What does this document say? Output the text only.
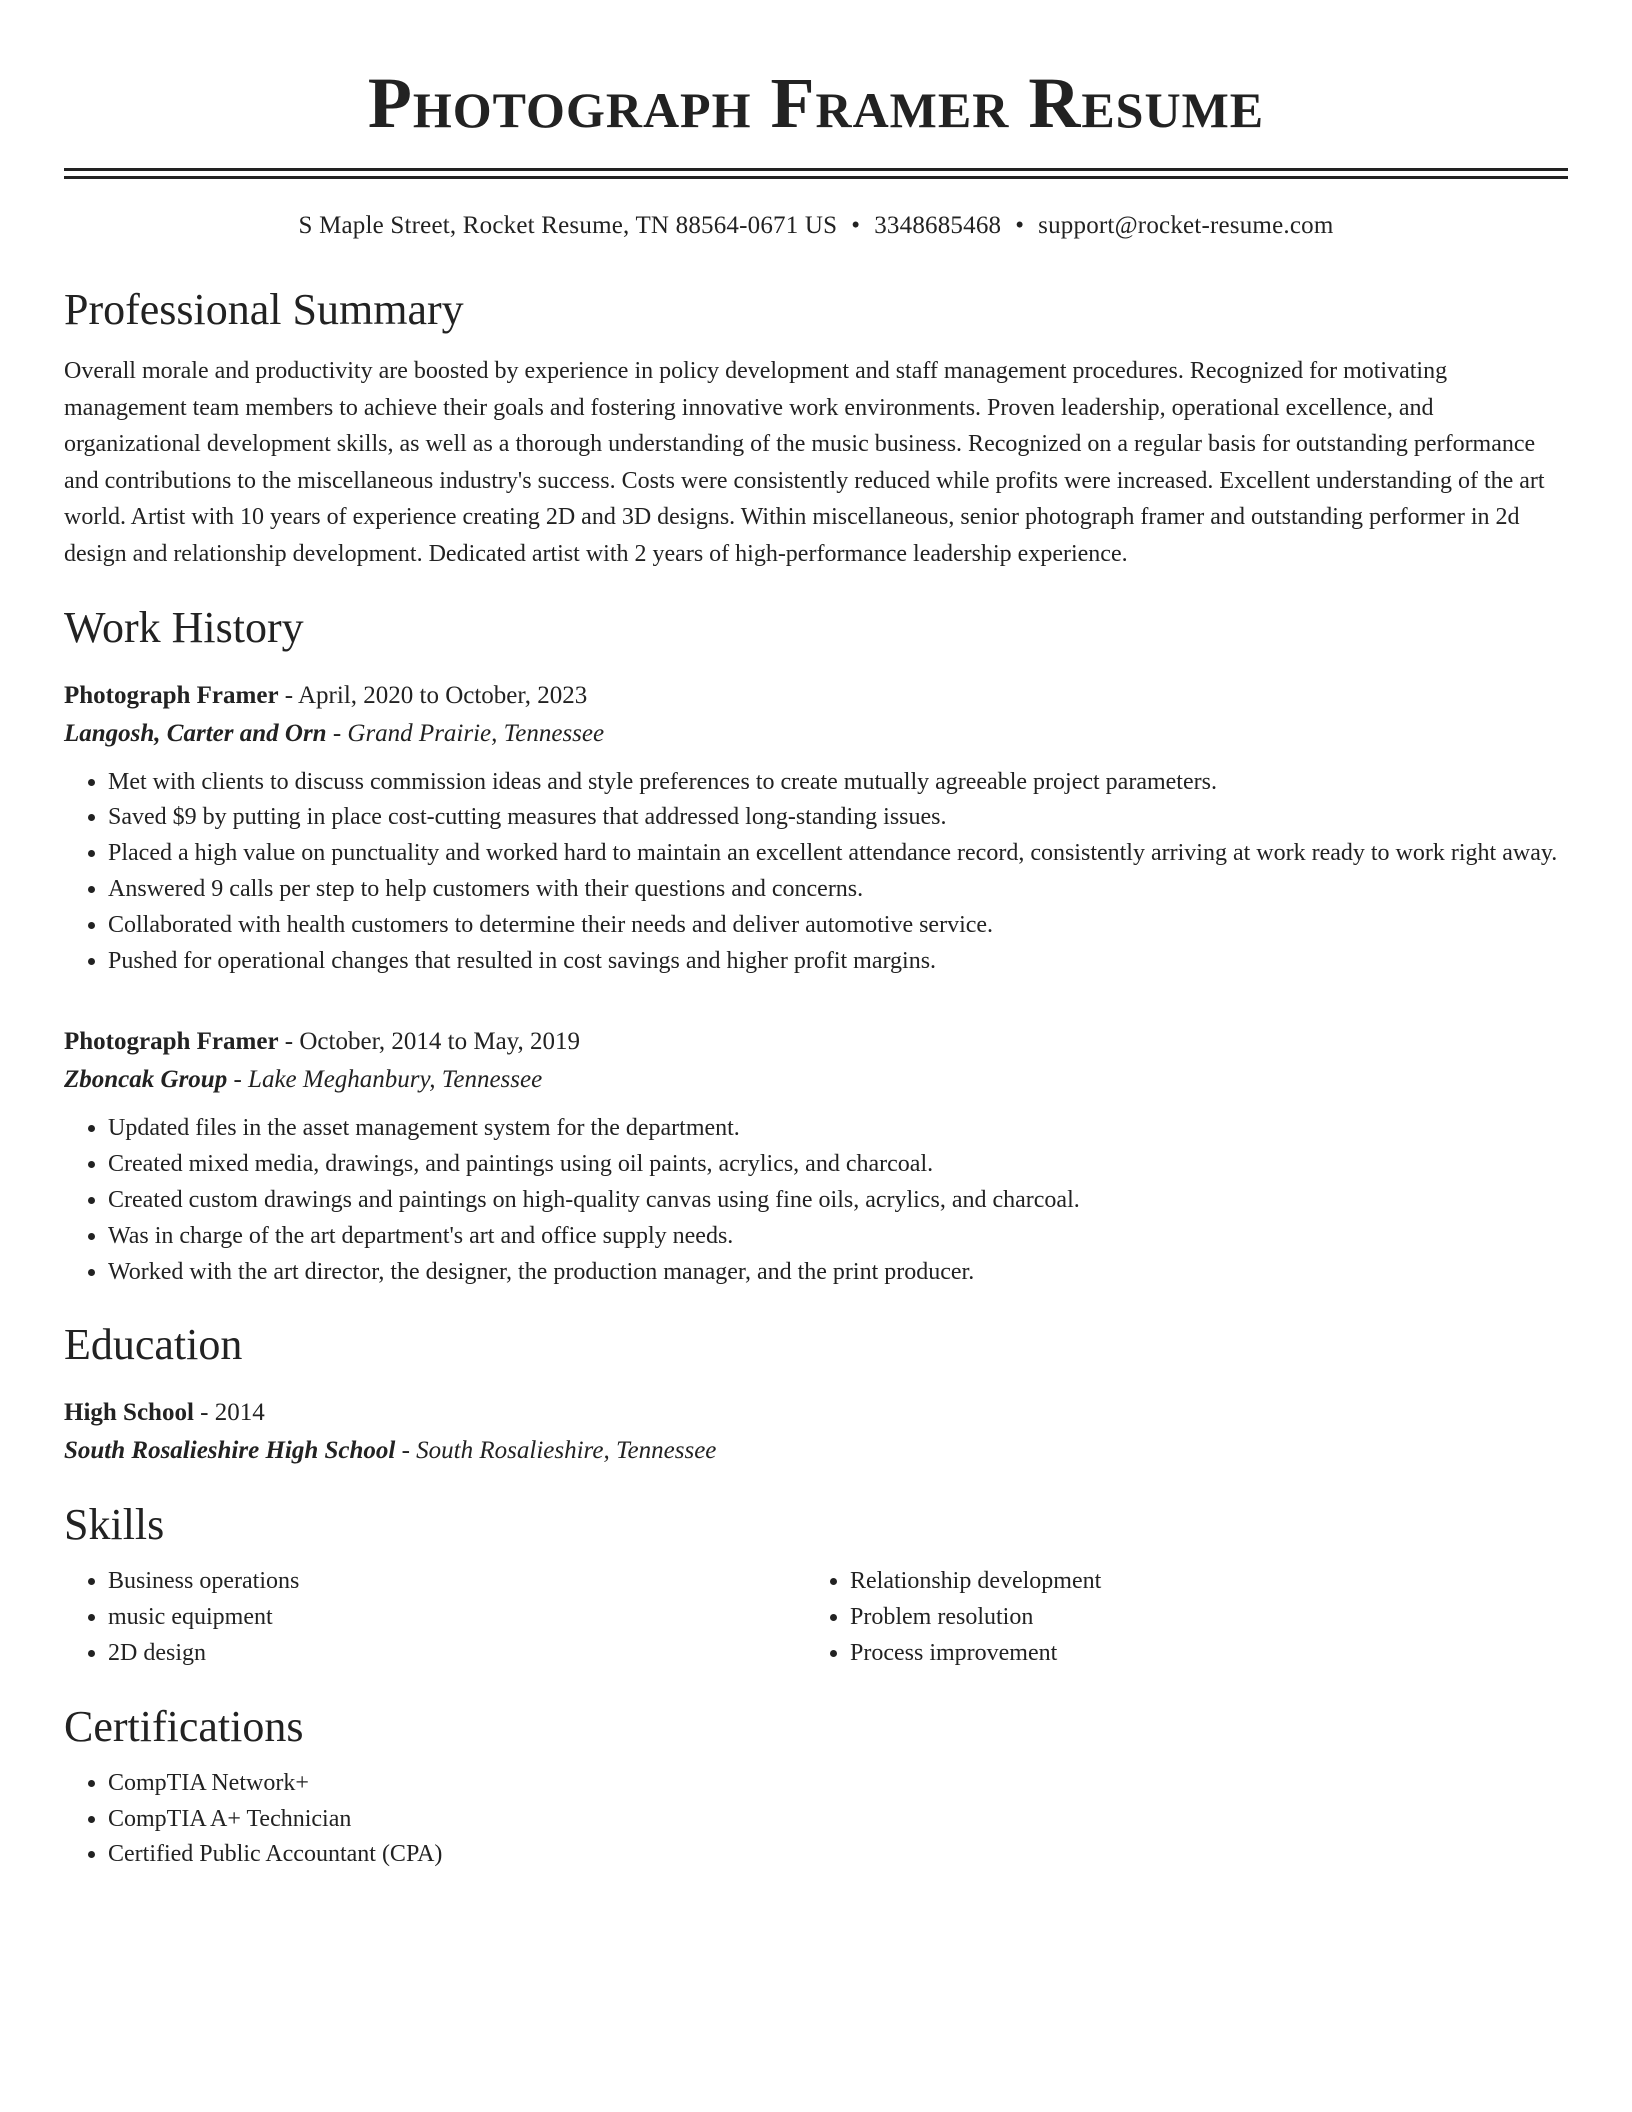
Photograph Framer Resume
S Maple Street, Rocket Resume, TN 88564-0671 US • 3348685468 • support@rocket-resume.com
Professional Summary

Overall morale and productivity are boosted by experience in policy development and staff management procedures. Recognized for motivating management team members to achieve their goals and fostering innovative work environments. Proven leadership, operational excellence, and organizational development skills, as well as a thorough understanding of the music business. Recognized on a regular basis for outstanding performance and contributions to the miscellaneous industry's success. Costs were consistently reduced while profits were increased. Excellent understanding of the art world. Artist with 10 years of experience creating 2D and 3D designs. Within miscellaneous, senior photograph framer and outstanding performer in 2d design and relationship development. Dedicated artist with 2 years of high-performance leadership experience.

Work History
Photograph Framer - April, 2020 to October, 2023
Langosh, Carter and Orn - Grand Prairie, Tennessee
• Met with clients to discuss commission ideas and style preferences to create mutually agreeable project parameters.
• Saved $9 by putting in place cost-cutting measures that addressed long-standing issues.
• Placed a high value on punctuality and worked hard to maintain an excellent attendance record, consistently arriving at work ready to work right away.
• Answered 9 calls per step to help customers with their questions and concerns.
• Collaborated with health customers to determine their needs and deliver automotive service.
• Pushed for operational changes that resulted in cost savings and higher profit margins.
Photograph Framer - October, 2014 to May, 2019
Zboncak Group - Lake Meghanbury, Tennessee
• Updated files in the asset management system for the department.
• Created mixed media, drawings, and paintings using oil paints, acrylics, and charcoal.
• Created custom drawings and paintings on high-quality canvas using fine oils, acrylics, and charcoal.
• Was in charge of the art department's art and office supply needs.
• Worked with the art director, the designer, the production manager, and the print producer.
Education
High School - 2014
South Rosalieshire High School - South Rosalieshire, Tennessee
Skills
• Business operations
• music equipment
• 2D design
• Relationship development
• Problem resolution
• Process improvement
Certifications
• CompTIA Network+
• CompTIA A+ Technician
• Certified Public Accountant (CPA)
